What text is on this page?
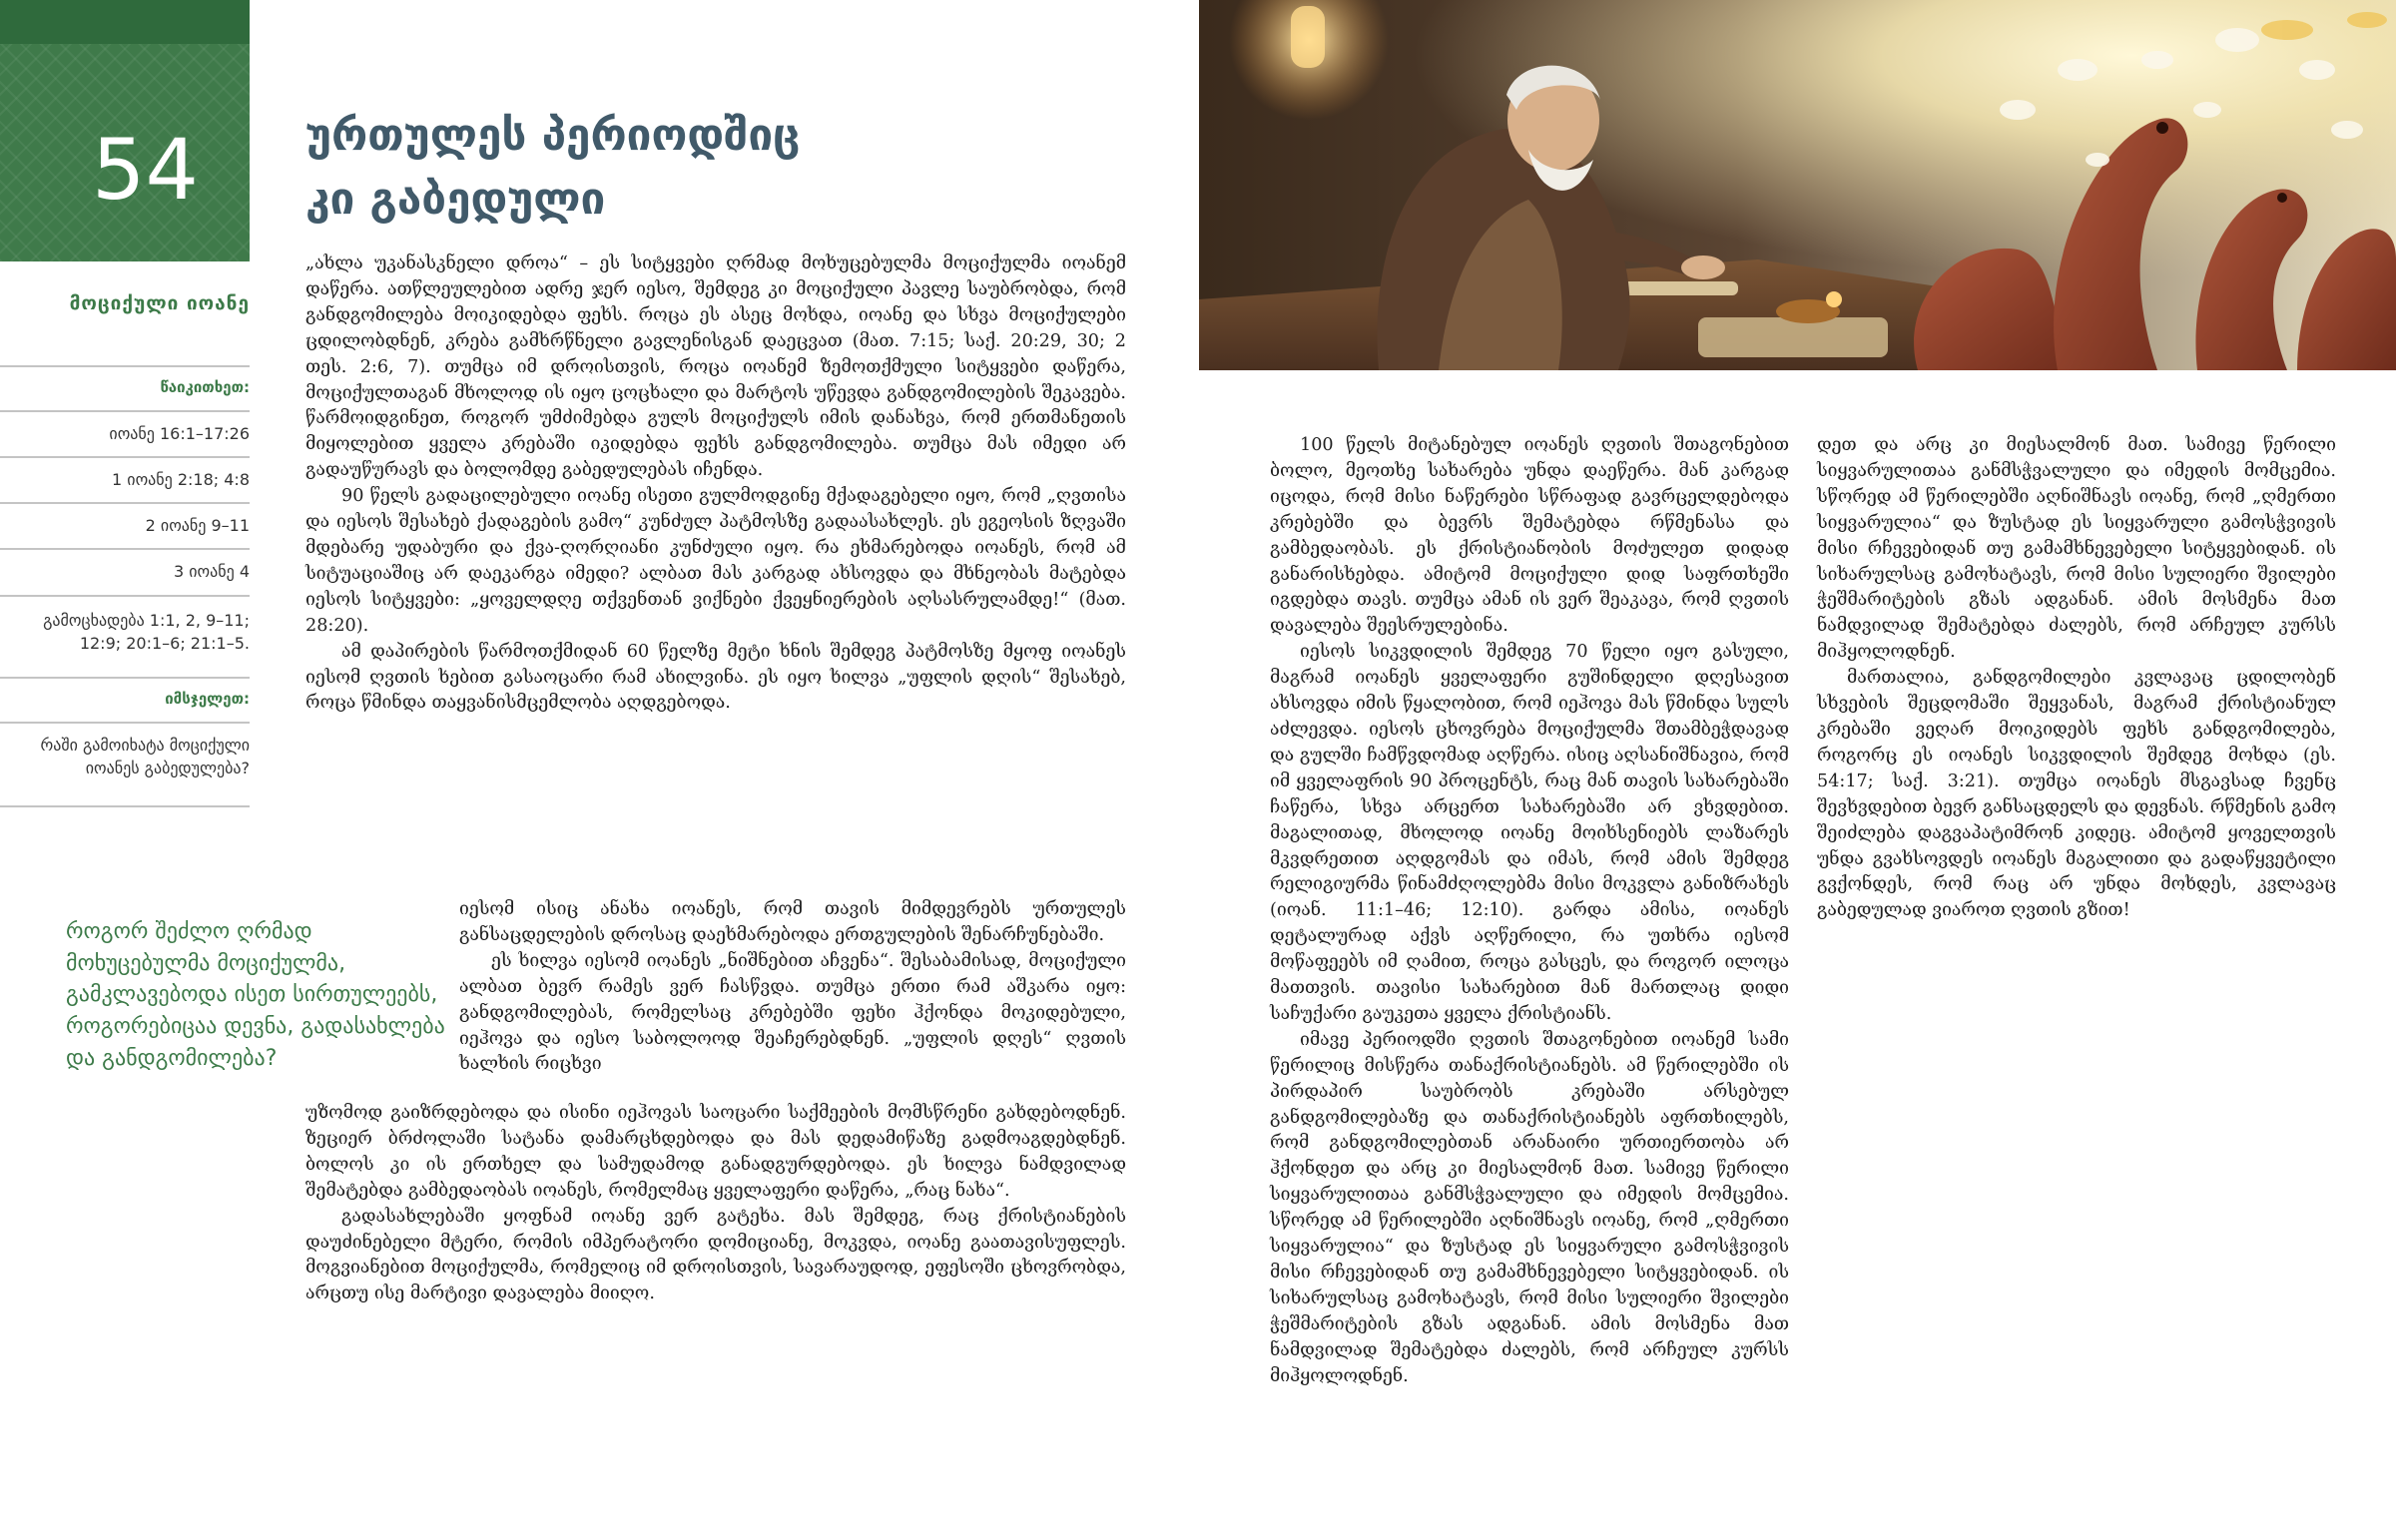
54
მოციქული იოანე
წაიკითხეთ:
იოანე 16:1–17:26
1 იოანე 2:18; 4:8
2 იოანე 9–11
3 იოანე 4
გამოცხადება 1:1, 2, 9–11; 12:9; 20:1–6; 21:1–5.
იმსჯელეთ:
რაში გამოიხატა მოციქული იოანეს გაბედულება?
როგორ შეძლო ღრმად მოხუცებულმა მოციქულმა, გამკლავებოდა ისეთ სირთულეებს, როგორებიცაა დევნა, გადასახლება და განდგომილება?
ურთულეს პერიოდშიც
კი გაბედული

„ახლა უკანასკნელი დროა“ – ეს სიტყვები ღრმად მოხუცებულმა მოციქულმა იოანემ დაწერა. ათწლეულებით ადრე ჯერ იესო, შემდეგ კი მოციქული პავლე საუბრობდა, რომ განდგომილება მოიკიდებდა ფეხს. როცა ეს ასეც მოხდა, იოანე და სხვა მოციქულები ცდილობდნენ, კრება გამხრწნელი გავლენისგან დაეცვათ (მათ. 7:15; საქ. 20:29, 30; 2 თეს. 2:6, 7). თუმცა იმ დროისთვის, როცა იოანემ ზემოთქმული სიტყვები დაწერა, მოციქულთაგან მხოლოდ ის იყო ცოცხალი და მარტოს უწევდა განდგომილების შეკავება. წარმოიდგინეთ, როგორ უმძიმებდა გულს მოციქულს იმის დანახვა, რომ ერთმანეთის მიყოლებით ყველა კრებაში იკიდებდა ფეხს განდგომილება. თუმცა მას იმედი არ გადაუწურავს და ბოლომდე გაბედულებას იჩენდა.

90 წელს გადაცილებული იოანე ისეთი გულმოდგინე მქადაგებელი იყო, რომ „ღვთისა და იესოს შესახებ ქადაგების გამო“ კუნძულ პატმოსზე გადაასახლეს. ეს ეგეოსის ზღვაში მდებარე უდაბური და ქვა-ღორღიანი კუნძული იყო. რა ეხმარებოდა იოანეს, რომ ამ სიტუაციაშიც არ დაეკარგა იმედი? ალბათ მას კარგად ახსოვდა და მხნეობას მატებდა იესოს სიტყვები: „ყოველდღე თქვენთან ვიქნები ქვეყნიერების აღსასრულამდე!“ (მათ. 28:20).

ამ დაპირების წარმოთქმიდან 60 წელზე მეტი ხნის შემდეგ პატმოსზე მყოფ იოანეს იესომ ღვთის ხებით გასაოცარი რამ ახილვინა. ეს იყო ხილვა „უფლის დღის“ შესახებ, როცა წმინდა თაყვანისმცემლობა აღდგებოდა.

იესომ ისიც ანახა იოანეს, რომ თავის მიმდევრებს ურთულეს განსაცდელების დროსაც დაეხმარებოდა ერთგულების შენარჩუნებაში.

ეს ხილვა იესომ იოანეს „ნიშნებით აჩვენა“. შესაბამისად, მოციქული ალბათ ბევრ რამეს ვერ ჩასწვდა. თუმცა ერთი რამ აშკარა იყო: განდგომილებას, რომელსაც კრებებში ფეხი ჰქონდა მოკიდებული, იეჰოვა და იესო საბოლოოდ შეაჩერებდნენ. „უფლის დღეს“ ღვთის ხალხის რიცხვი

უზომოდ გაიზრდებოდა და ისინი იეჰოვას საოცარი საქმეების მომსწრენი გახდებოდნენ. ზეციერ ბრძოლაში სატანა დამარცხდებოდა და მას დედამიწაზე გადმოაგდებდნენ. ბოლოს კი ის ერთხელ და სამუდამოდ განადგურდებოდა. ეს ხილვა ნამდვილად შემატებდა გამბედაობას იოანეს, რომელმაც ყველაფერი დაწერა, „რაც ნახა“.

გადასახლებაში ყოფნამ იოანე ვერ გატეხა. მას შემდეგ, რაც ქრისტიანების დაუძინებელი მტერი, რომის იმპერატორი დომიციანე, მოკვდა, იოანე გაათავისუფლეს. მოგვიანებით მოციქულმა, რომელიც იმ დროისთვის, სავარაუდოდ, ეფესოში ცხოვრობდა, არცთუ ისე მარტივი დავალება მიიღო.

100 წელს მიტანებულ იოანეს ღვთის შთაგონებით ბოლო, მეოთხე სახარება უნდა დაეწერა. მან კარგად იცოდა, რომ მისი ნაწერები სწრაფად გავრცელდებოდა კრებებში და ბევრს შემატებდა რწმენასა და გამბედაობას. ეს ქრისტიანობის მოძულეთ დიდად განარისხებდა. ამიტომ მოციქული დიდ საფრთხეში იგდებდა თავს. თუმცა ამან ის ვერ შეაკავა, რომ ღვთის დავალება შეესრულებინა.

იესოს სიკვდილის შემდეგ 70 წელი იყო გასული, მაგრამ იოანეს ყველაფერი გუშინდელი დღესავით ახსოვდა იმის წყალობით, რომ იეჰოვა მას წმინდა სულს აძლევდა. იესოს ცხოვრება მოციქულმა შთამბეჭდავად და გულში ჩამწვდომად აღწერა. ისიც აღსანიშნავია, რომ იმ ყველაფრის 90 პროცენტს, რაც მან თავის სახარებაში ჩაწერა, სხვა არცერთ სახარებაში არ ვხვდებით. მაგალითად, მხოლოდ იოანე მოიხსენიებს ლაზარეს მკვდრეთით აღდგომას და იმას, რომ ამის შემდეგ რელიგიურმა წინამძღოლებმა მისი მოკვლა განიზრახეს (იოან. 11:1–46; 12:10). გარდა ამისა, იოანეს დეტალურად აქვს აღწერილი, რა უთხრა იესომ მოწაფეებს იმ ღამით, როცა გასცეს, და როგორ ილოცა მათთვის. თავისი სახარებით მან მართლაც დიდი საჩუქარი გაუკეთა ყველა ქრისტიანს.

იმავე პერიოდში ღვთის შთაგონებით იოანემ სამი წერილიც მისწერა თანაქრისტიანებს. ამ წერილებში ის პირდაპირ საუბრობს კრებაში არსებულ განდგომილებაზე და თანაქრისტიანებს აფრთხილებს, რომ განდგომილებთან არანაირი ურთიერთობა არ ჰქონდეთ და არც კი მიესალმონ მათ. სამივე წერილი სიყვარულითაა განმსჭვალული და იმედის მომცემია. სწორედ ამ წერილებში აღნიშნავს იოანე, რომ „ღმერთი სიყვარულია“ და ზუსტად ეს სიყვარული გამოსჭვივის მისი რჩევებიდან თუ გამამხნევებელი სიტყვებიდან. ის სიხარულსაც გამოხატავს, რომ მისი სულიერი შვილები ჭეშმარიტების გზას ადგანან. ამის მოსმენა მათ ნამდვილად შემატებდა ძალებს, რომ არჩეულ კურსს მიჰყოლოდნენ.

დეთ და არც კი მიესალმონ მათ. სამივე წერილი სიყვარულითაა განმსჭვალული და იმედის მომცემია. სწორედ ამ წერილებში აღნიშნავს იოანე, რომ „ღმერთი სიყვარულია“ და ზუსტად ეს სიყვარული გამოსჭვივის მისი რჩევებიდან თუ გამამხნევებელი სიტყვებიდან. ის სიხარულსაც გამოხატავს, რომ მისი სულიერი შვილები ჭეშმარიტების გზას ადგანან. ამის მოსმენა მათ ნამდვილად შემატებდა ძალებს, რომ არჩეულ კურსს მიჰყოლოდნენ.

მართალია, განდგომილები კვლავაც ცდილობენ სხვების შეცდომაში შეყვანას, მაგრამ ქრისტიანულ კრებაში ვეღარ მოიკიდებს ფეხს განდგომილება, როგორც ეს იოანეს სიკვდილის შემდეგ მოხდა (ეს. 54:17; საქ. 3:21). თუმცა იოანეს მსგავსად ჩვენც შევხვდებით ბევრ განსაცდელს და დევნას. რწმენის გამო შეიძლება დაგვაპატიმრონ კიდეც. ამიტომ ყოველთვის უნდა გვახსოვდეს იოანეს მაგალითი და გადაწყვეტილი გვქონდეს, რომ რაც არ უნდა მოხდეს, კვლავაც გაბედულად ვიაროთ ღვთის გზით!
